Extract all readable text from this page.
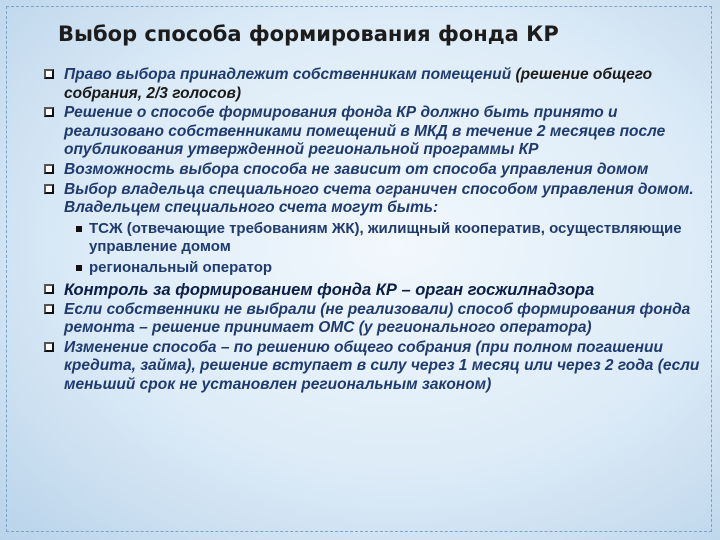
Выбор способа формирования фонда КР
Право выбора принадлежит собственникам помещений (решение общего собрания, 2/3 голосов)
Решение о способе формирования фонда КР должно быть принято и реализовано собственниками помещений в МКД в течение 2 месяцев после опубликования утвержденной региональной программы КР
Возможность выбора способа не зависит от способа управления домом
Выбор владельца специального счета ограничен способом управления домом. Владельцем специального счета могут быть:
ТСЖ (отвечающие требованиям ЖК), жилищный кооператив, осуществляющие управление домом
региональный оператор
Контроль за формированием фонда КР – орган госжилнадзора
Если собственники не выбрали (не реализовали) способ формирования фонда ремонта – решение принимает ОМС (у регионального оператора)
Изменение способа – по решению общего собрания (при полном погашении кредита, займа), решение вступает в силу через 1 месяц или через 2 года (если меньший срок не установлен региональным законом)
